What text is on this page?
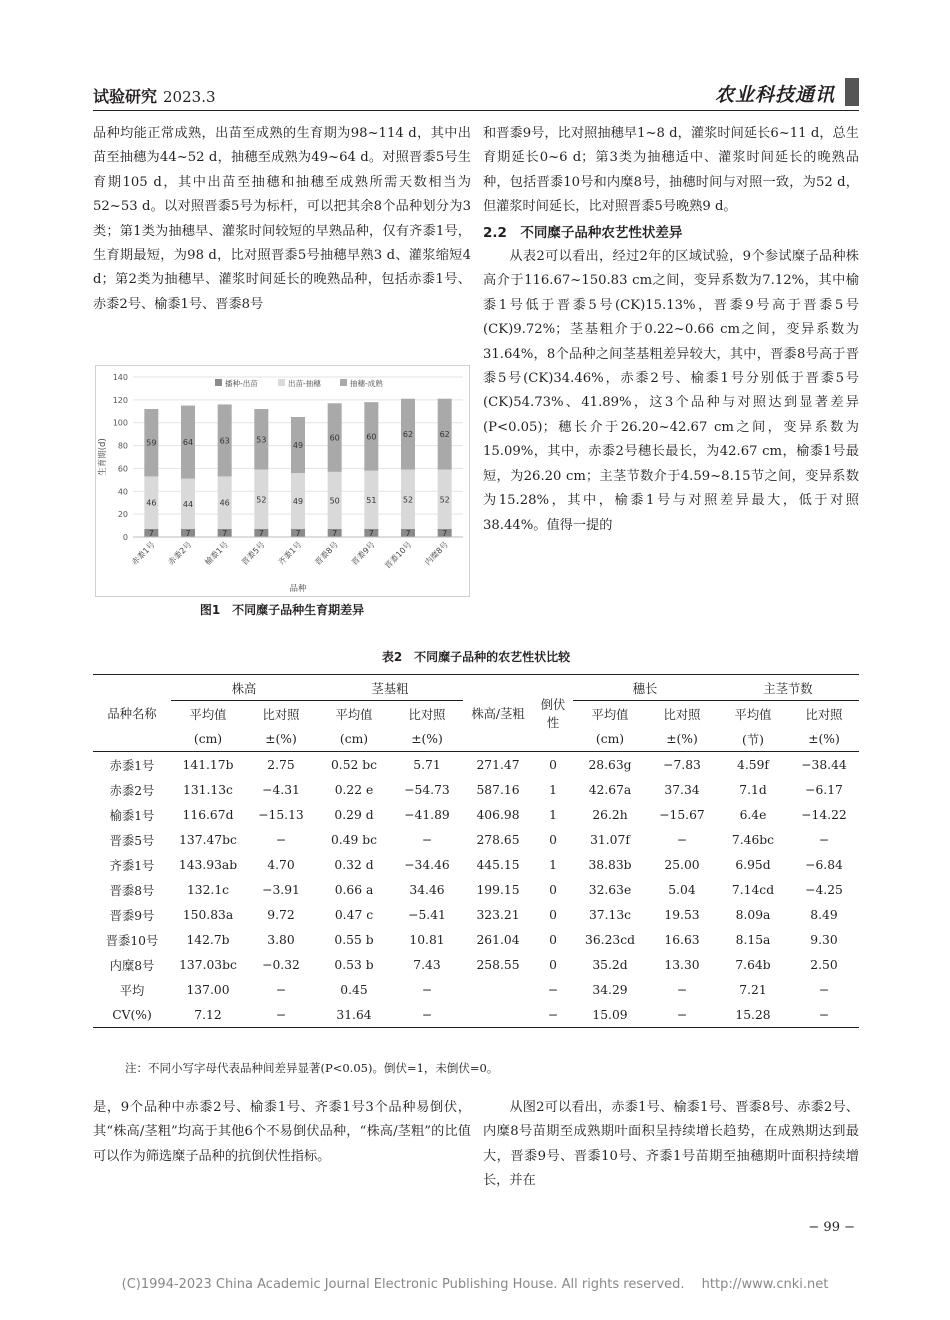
试验研究 2023.3	农业科技通讯

品种均能正常成熟，出苗至成熟的生育期为98~114 d，其中出苗至抽穗为44~52 d，抽穗至成熟为49~64 d。对照晋黍5号生育期105 d，其中出苗至抽穗和抽穗至成熟所需天数相当为52~53 d。以对照晋黍5号为标杆，可以把其余8个品种划分为3类；第1类为抽穗早、灌浆时间较短的早熟品种，仅有齐黍1号，生育期最短，为98 d，比对照晋黍5号抽穗早熟3 d、灌浆缩短4 d；第2类为抽穗早、灌浆时间延长的晚熟品种，包括赤黍1号、赤黍2号、榆黍1号、晋黍8号

0
20
40
60
80
100
120
140
生育期(d)
播种-出苗	出苗-抽穗	抽穗-成熟
7
46
59
赤黍1号
7
44
64
赤黍2号
7
46
63
榆黍1号
7
52
53
晋黍5号
7
49
49
齐黍1号
7
50
60
晋黍8号
7
51
60
晋黍9号
7
52
62
晋黍10号
7
52
62
内糜8号
品种
图1　不同糜子品种生育期差异

和晋黍9号，比对照抽穗早1~8 d，灌浆时间延长6~11 d，总生育期延长0~6 d；第3类为抽穗适中、灌浆时间延长的晚熟品种，包括晋黍10号和内糜8号，抽穗时间与对照一致，为52 d，但灌浆时间延长，比对照晋黍5号晚熟9 d。

2.2　不同糜子品种农艺性状差异

从表2可以看出，经过2年的区域试验，9个参试糜子品种株高介于116.67~150.83 cm之间，变异系数为7.12%，其中榆黍1号低于晋黍5号(CK)15.13%，晋黍9号高于晋黍5号(CK)9.72%；茎基粗介于0.22~0.66 cm之间，变异系数为31.64%，8个品种之间茎基粗差异较大，其中，晋黍8号高于晋黍5号(CK)34.46%，赤黍2号、榆黍1号分别低于晋黍5号(CK)54.73%、41.89%，这3个品种与对照达到显著差异(P<0.05)；穗长介于26.20~42.67 cm之间，变异系数为15.09%，其中，赤黍2号穗长最长，为42.67 cm，榆黍1号最短，为26.20 cm；主茎节数介于4.59~8.15节之间，变异系数为15.28%，其中，榆黍1号与对照差异最大，低于对照38.44%。值得一提的

表2　不同糜子品种的农艺性状比较
品种名称	株高		茎基粗		株高/茎粗	倒伏性	穗长		主茎节数	
	平均值	比对照	平均值	比对照			平均值	比对照	平均值	比对照
	(cm)	±(%)	(cm)	±(%)			(cm)	±(%)	(节)	±(%)
赤黍1号	141.17b	2.75	0.52 bc	5.71	271.47	0	28.63g	−7.83	4.59f	−38.44
赤黍2号	131.13c	−4.31	0.22 e	−54.73	587.16	1	42.67a	37.34	7.1d	−6.17
榆黍1号	116.67d	−15.13	0.29 d	−41.89	406.98	1	26.2h	−15.67	6.4e	−14.22
晋黍5号	137.47bc	−	0.49 bc	−	278.65	0	31.07f	−	7.46bc	−
齐黍1号	143.93ab	4.70	0.32 d	−34.46	445.15	1	38.83b	25.00	6.95d	−6.84
晋黍8号	132.1c	−3.91	0.66 a	34.46	199.15	0	32.63e	5.04	7.14cd	−4.25
晋黍9号	150.83a	9.72	0.47 c	−5.41	323.21	0	37.13c	19.53	8.09a	8.49
晋黍10号	142.7b	3.80	0.55 b	10.81	261.04	0	36.23cd	16.63	8.15a	9.30
内糜8号	137.03bc	−0.32	0.53 b	7.43	258.55	0	35.2d	13.30	7.64b	2.50
平均	137.00	−	0.45	−		−	34.29	−	7.21	−
CV(%)	7.12	−	31.64	−		−	15.09	−	15.28	−
注：不同小写字母代表品种间差异显著(P<0.05)。倒伏=1，未倒伏=0。

是，9个品种中赤黍2号、榆黍1号、齐黍1号3个品种易倒伏，其“株高/茎粗”均高于其他6个不易倒伏品种，“株高/茎粗”的比值可以作为筛选糜子品种的抗倒伏性指标。

从图2可以看出，赤黍1号、榆黍1号、晋黍8号、赤黍2号、内糜8号苗期至成熟期叶面积呈持续增长趋势，在成熟期达到最大，晋黍9号、晋黍10号、齐黍1号苗期至抽穗期叶面积持续增长，并在

− 99 −
(C)1994-2023 China Academic Journal Electronic Publishing House. All rights reserved.　 http://www.cnki.net
